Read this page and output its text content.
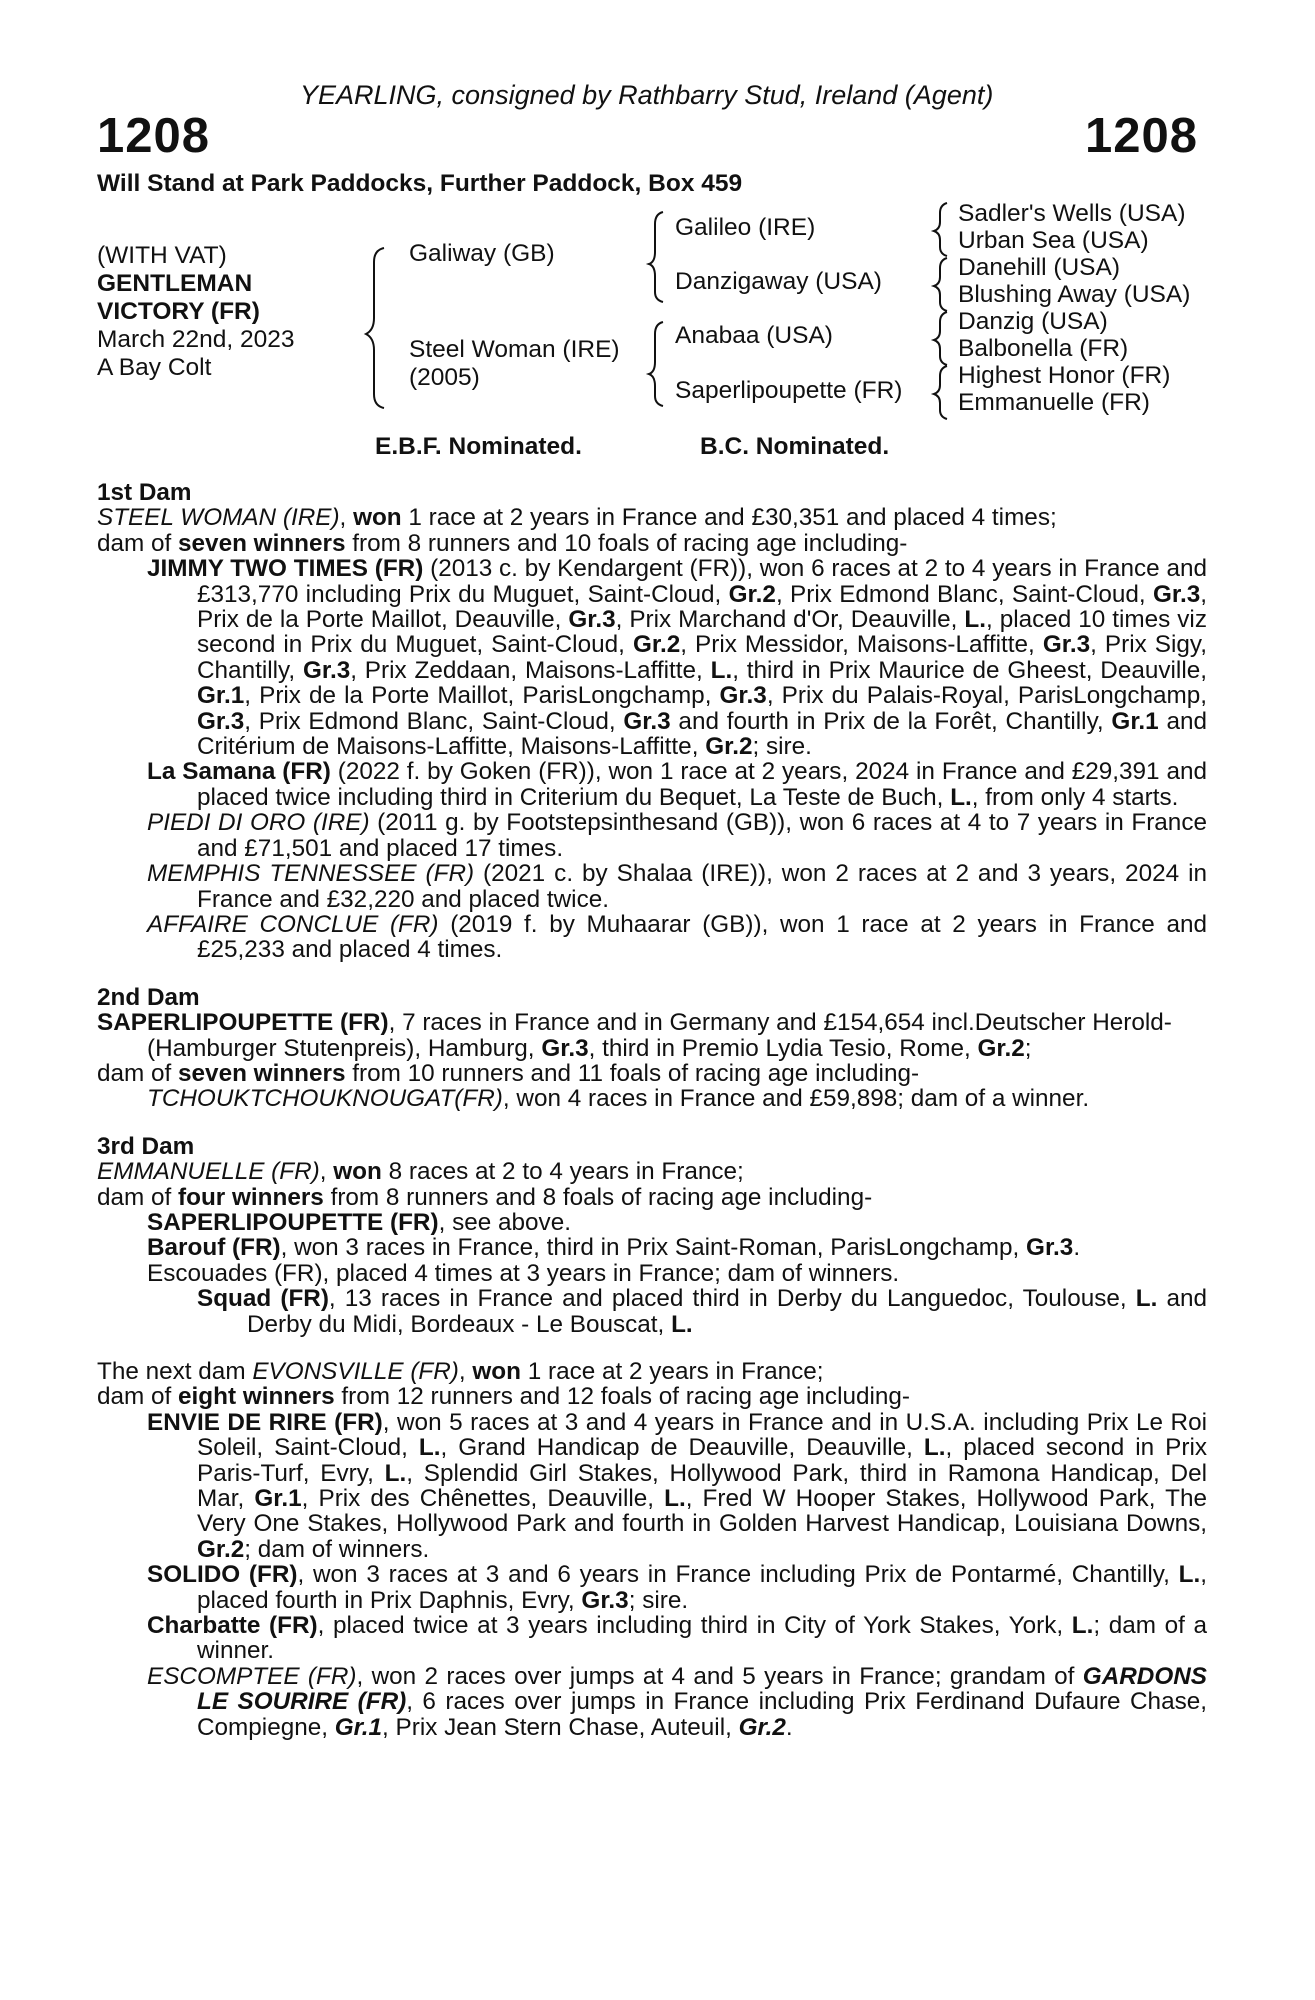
YEARLING, consigned by Rathbarry Stud, Ireland (Agent)
1208	1208
Will Stand at Park Paddocks, Further Paddock, Box 459
(WITH VAT)
GENTLEMAN
VICTORY (FR)
March 22nd, 2023
A Bay Colt
Galiway (GB)
Steel Woman (IRE)
(2005)
Galileo (IRE)
Danzigaway (USA)
Anabaa (USA)
Saperlipoupette (FR)
Sadler's Wells (USA)
Urban Sea (USA)
Danehill (USA)
Blushing Away (USA)
Danzig (USA)
Balbonella (FR)
Highest Honor (FR)
Emmanuelle (FR)
E.B.F. Nominated.	B.C. Nominated.

1st Dam

STEEL WOMAN (IRE), won 1 race at 2 years in France and £30,351 and placed 4 times;

dam of seven winners from 8 runners and 10 foals of racing age including-

JIMMY TWO TIMES (FR) (2013 c. by Kendargent (FR)), won 6 races at 2 to 4 years in France and £313,770 including Prix du Muguet, Saint-Cloud, Gr.2, Prix Edmond Blanc, Saint-Cloud, Gr.3, Prix de la Porte Maillot, Deauville, Gr.3, Prix Marchand d'Or, Deauville, L., placed 10 times viz second in Prix du Muguet, Saint-Cloud, Gr.2, Prix Messidor, Maisons-Laffitte, Gr.3, Prix Sigy, Chantilly, Gr.3, Prix Zeddaan, Maisons-Laffitte, L., third in Prix Maurice de Gheest, Deauville, Gr.1, Prix de la Porte Maillot, ParisLongchamp, Gr.3, Prix du Palais-Royal, ParisLongchamp, Gr.3, Prix Edmond Blanc, Saint-Cloud, Gr.3 and fourth in Prix de la Forêt, Chantilly, Gr.1 and Critérium de Maisons-Laffitte, Maisons-Laffitte, Gr.2; sire.

La Samana (FR) (2022 f. by Goken (FR)), won 1 race at 2 years, 2024 in France and £29,391 and placed twice including third in Criterium du Bequet, La Teste de Buch, L., from only 4 starts.

PIEDI DI ORO (IRE) (2011 g. by Footstepsinthesand (GB)), won 6 races at 4 to 7 years in France and £71,501 and placed 17 times.

MEMPHIS TENNESSEE (FR) (2021 c. by Shalaa (IRE)), won 2 races at 2 and 3 years, 2024 in France and £32,220 and placed twice.

AFFAIRE CONCLUE (FR) (2019 f. by Muhaarar (GB)), won 1 race at 2 years in France and £25,233 and placed 4 times.

2nd Dam

SAPERLIPOUPETTE (FR), 7 races in France and in Germany and £154,654 incl.Deutscher Herold-(Hamburger Stutenpreis), Hamburg, Gr.3, third in Premio Lydia Tesio, Rome, Gr.2;

dam of seven winners from 10 runners and 11 foals of racing age including-

TCHOUKTCHOUKNOUGAT(FR), won 4 races in France and £59,898; dam of a winner.

3rd Dam

EMMANUELLE (FR), won 8 races at 2 to 4 years in France;

dam of four winners from 8 runners and 8 foals of racing age including-

SAPERLIPOUPETTE (FR), see above.

Barouf (FR), won 3 races in France, third in Prix Saint-Roman, ParisLongchamp, Gr.3.

Escouades (FR), placed 4 times at 3 years in France; dam of winners.

Squad (FR), 13 races in France and placed third in Derby du Languedoc, Toulouse, L. and Derby du Midi, Bordeaux - Le Bouscat, L.

The next dam EVONSVILLE (FR), won 1 race at 2 years in France;

dam of eight winners from 12 runners and 12 foals of racing age including-

ENVIE DE RIRE (FR), won 5 races at 3 and 4 years in France and in U.S.A. including Prix Le Roi Soleil, Saint-Cloud, L., Grand Handicap de Deauville, Deauville, L., placed second in Prix Paris-Turf, Evry, L., Splendid Girl Stakes, Hollywood Park, third in Ramona Handicap, Del Mar, Gr.1, Prix des Chênettes, Deauville, L., Fred W Hooper Stakes, Hollywood Park, The Very One Stakes, Hollywood Park and fourth in Golden Harvest Handicap, Louisiana Downs, Gr.2; dam of winners.

SOLIDO (FR), won 3 races at 3 and 6 years in France including Prix de Pontarmé, Chantilly, L., placed fourth in Prix Daphnis, Evry, Gr.3; sire.

Charbatte (FR), placed twice at 3 years including third in City of York Stakes, York, L.; dam of a winner.

ESCOMPTEE (FR), won 2 races over jumps at 4 and 5 years in France; grandam of GARDONS LE SOURIRE (FR), 6 races over jumps in France including Prix Ferdinand Dufaure Chase, Compiegne, Gr.1, Prix Jean Stern Chase, Auteuil, Gr.2.
